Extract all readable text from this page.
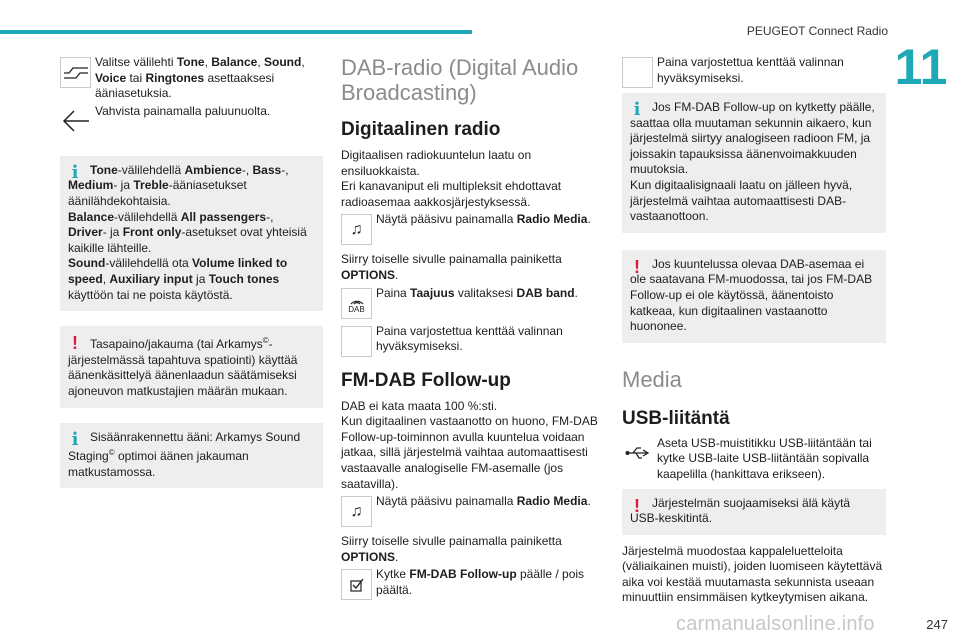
PEUGEOT Connect Radio
11

Valitse välilehti Tone, Balance, Sound, Voice tai Ringtones asettaaksesi ääniasetuksia.

Vahvista painamalla paluunuolta.

i Tone-välilehdellä Ambience-, Bass-, Medium- ja Treble-ääniasetukset äänilähdekohtaisia.
Balance-välilehdellä All passengers-, Driver- ja Front only-asetukset ovat yhteisiä kaikille lähteille.
Sound-välilehdellä ota Volume linked to speed, Auxiliary input ja Touch tones käyttöön tai ne poista käytöstä.

!	Tasapaino/jakauma (tai Arkamys©-järjestelmässä tapahtuva spatiointi) käyttää äänenkäsittelyä äänenlaadun säätämiseksi ajoneuvon matkustajien määrän mukaan.

i Sisäänrakennettu ääni: Arkamys Sound Staging© optimoi äänen jakauman matkustamossa.

DAB-radio (Digital Audio Broadcasting)
Digitaalinen radio

Digitaalisen radiokuuntelun laatu on ensiluokkaista.

Eri kanavaniput eli multipleksit ehdottavat radioasemaa aakkosjärjestyksessä.

♫

Näytä pääsivu painamalla Radio Media.

Siirry toiselle sivulle painamalla painiketta OPTIONS.

DAB

Paina Taajuus valitaksesi DAB band.

Paina varjostettua kenttää valinnan hyväksymiseksi.

FM-DAB Follow-up

DAB ei kata maata 100 %:sti.

Kun digitaalinen vastaanotto on huono, FM-DAB Follow-up-toiminnon avulla kuuntelua voidaan jatkaa, sillä järjestelmä vaihtaa automaattisesti vastaavalle analogiselle FM-asemalle (jos saatavilla).

♫

Näytä pääsivu painamalla Radio Media.

Siirry toiselle sivulle painamalla painiketta OPTIONS.

Kytke FM-DAB Follow-up päälle / pois päältä.

Paina varjostettua kenttää valinnan hyväksymiseksi.

i Jos FM-DAB Follow-up on kytketty päälle, saattaa olla muutaman sekunnin aikaero, kun järjestelmä siirtyy analogiseen radioon FM, ja joissakin tapauksissa äänenvoimakkuuden muutoksia.

Kun digitaalisignaali laatu on jälleen hyvä, järjestelmä vaihtaa automaattisesti DAB-vastaanottoon.

!	Jos kuuntelussa olevaa DAB-asemaa ei ole saatavana FM-muodossa, tai jos FM-DAB Follow-up ei ole käytössä, äänentoisto katkeaa, kun digitaalinen vastaanotto huononee.

Media
USB-liitäntä

Aseta USB-muistitikku USB-liitäntään tai kytke USB-laite USB-liitäntään sopivalla kaapelilla (hankittava erikseen).

!	Järjestelmän suojaamiseksi älä käytä USB-keskitintä.

Järjestelmä muodostaa kappaleluetteloita (väliaikainen muisti), joiden luomiseen käytettävä aika voi kestää muutamasta sekunnista useaan minuuttiin ensimmäisen kytkeytymisen aikana.

carmanualsonline.info	247
